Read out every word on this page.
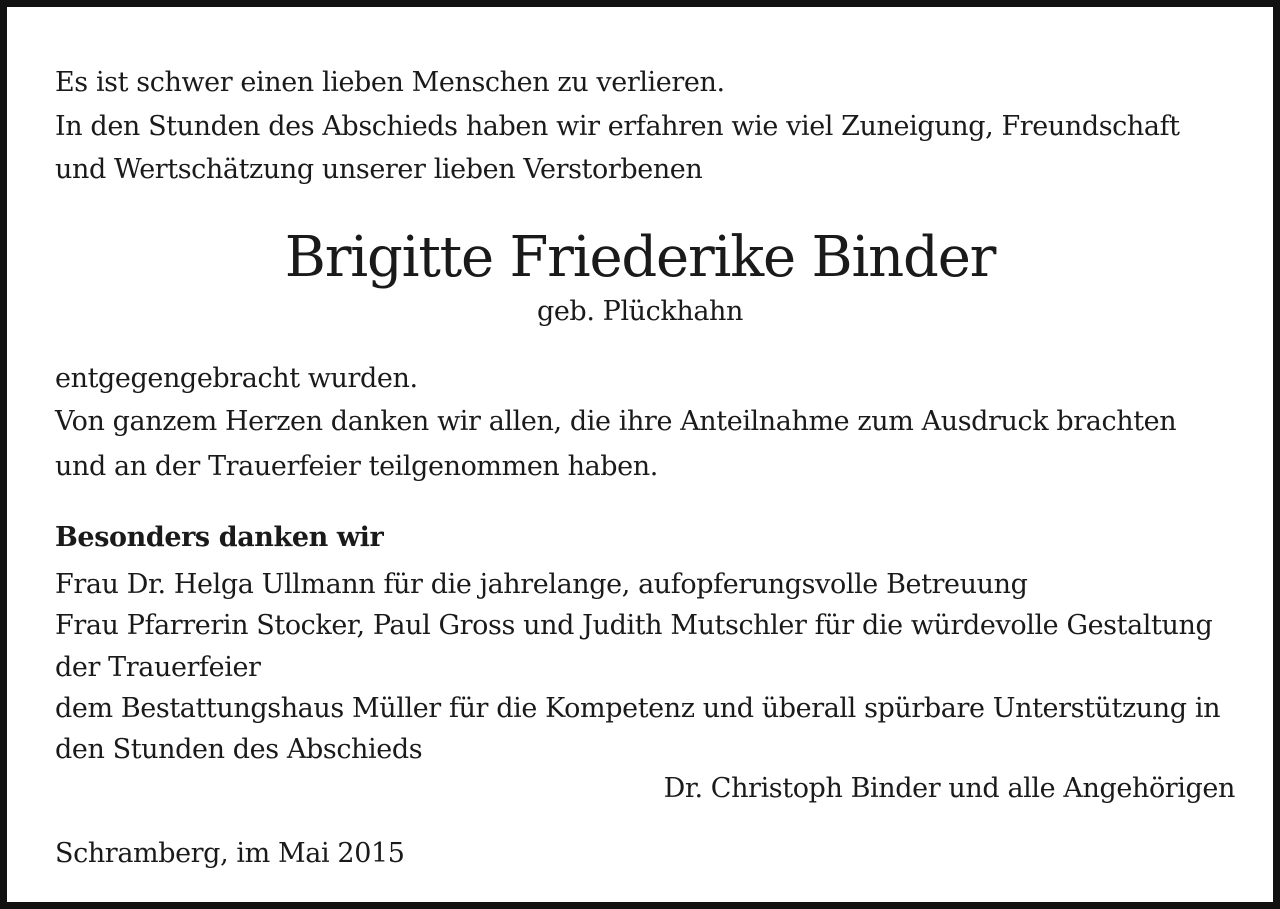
Es ist schwer einen lieben Menschen zu verlieren.
In den Stunden des Abschieds haben wir erfahren wie viel Zuneigung, Freundschaft
und Wertschätzung unserer lieben Verstorbenen
Brigitte Friederike Binder
geb. Plückhahn
entgegengebracht wurden.
Von ganzem Herzen danken wir allen, die ihre Anteilnahme zum Ausdruck brachten
und an der Trauerfeier teilgenommen haben.
Besonders danken wir
Frau Dr. Helga Ullmann für die jahrelange, aufopferungsvolle Betreuung
Frau Pfarrerin Stocker, Paul Gross und Judith Mutschler für die würdevolle Gestaltung
der Trauerfeier
dem Bestattungshaus Müller für die Kompetenz und überall spürbare Unterstützung in
den Stunden des Abschieds
Dr. Christoph Binder und alle Angehörigen
Schramberg, im Mai 2015
